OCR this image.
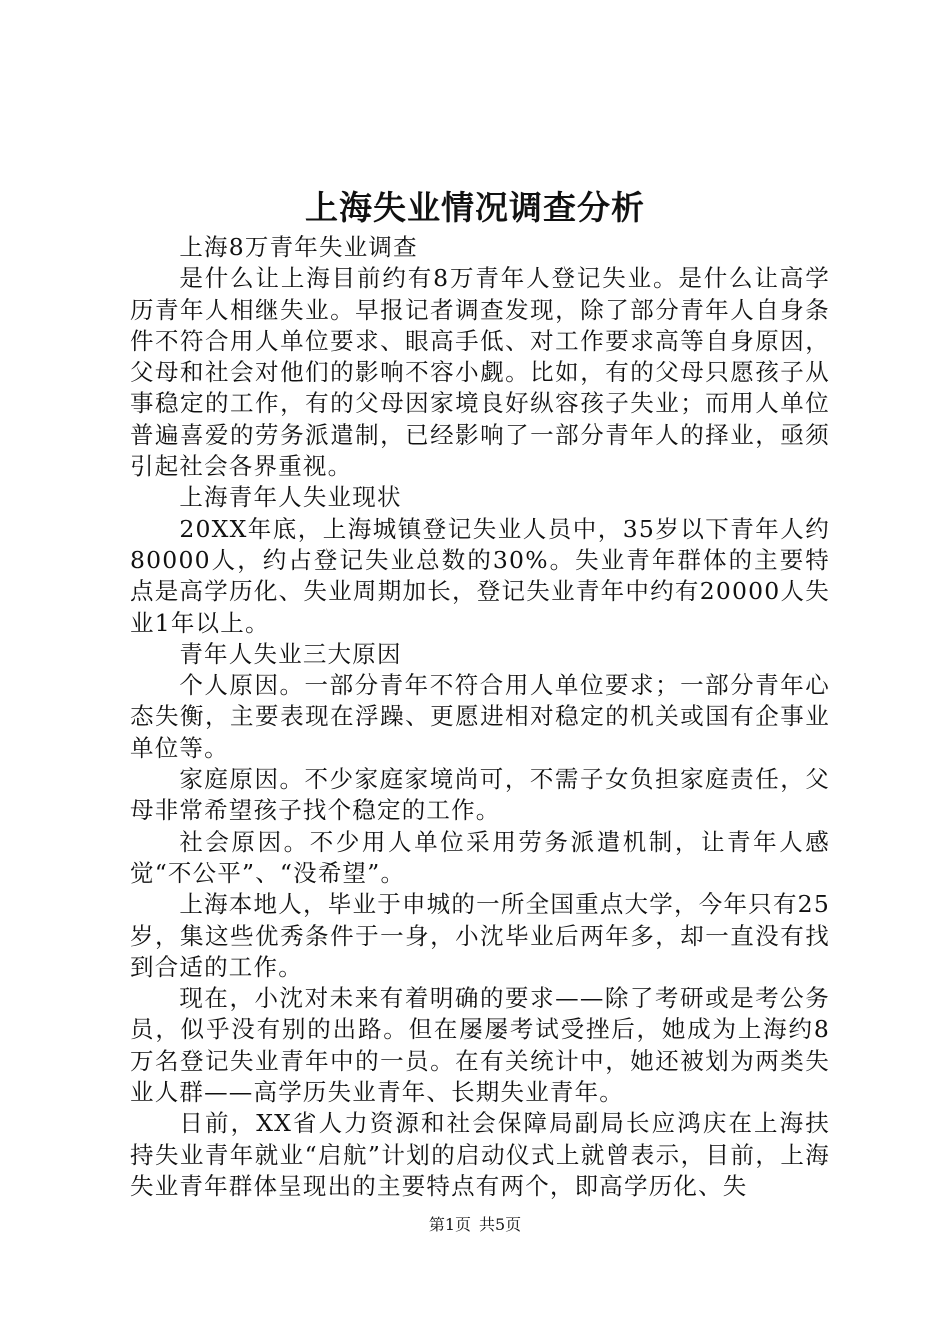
上海失业情况调查分析

上海8万青年失业调查

是什么让上海目前约有8万青年人登记失业。是什么让高学历青年人相继失业。早报记者调查发现，除了部分青年人自身条件不符合用人单位要求、眼高手低、对工作要求高等自身原因，父母和社会对他们的影响不容小觑。比如，有的父母只愿孩子从事稳定的工作，有的父母因家境良好纵容孩子失业；而用人单位普遍喜爱的劳务派遣制，已经影响了一部分青年人的择业，亟须引起社会各界重视。

上海青年人失业现状

20XX年底，上海城镇登记失业人员中，35岁以下青年人约80000人，约占登记失业总数的30%。失业青年群体的主要特点是高学历化、失业周期加长，登记失业青年中约有20000人失业1年以上。

青年人失业三大原因

个人原因。一部分青年不符合用人单位要求；一部分青年心态失衡，主要表现在浮躁、更愿进相对稳定的机关或国有企事业单位等。

家庭原因。不少家庭家境尚可，不需子女负担家庭责任，父母非常希望孩子找个稳定的工作。

社会原因。不少用人单位采用劳务派遣机制，让青年人感觉“不公平”、“没希望”。

上海本地人，毕业于申城的一所全国重点大学，今年只有25岁，集这些优秀条件于一身，小沈毕业后两年多，却一直没有找到合适的工作。

现在，小沈对未来有着明确的要求——除了考研或是考公务员，似乎没有别的出路。但在屡屡考试受挫后，她成为上海约8万名登记失业青年中的一员。在有关统计中，她还被划为两类失业人群——高学历失业青年、长期失业青年。

日前，XX省人力资源和社会保障局副局长应鸿庆在上海扶持失业青年就业“启航”计划的启动仪式上就曾表示，目前，上海失业青年群体呈现出的主要特点有两个，即高学历化、失

第1页 共5页
